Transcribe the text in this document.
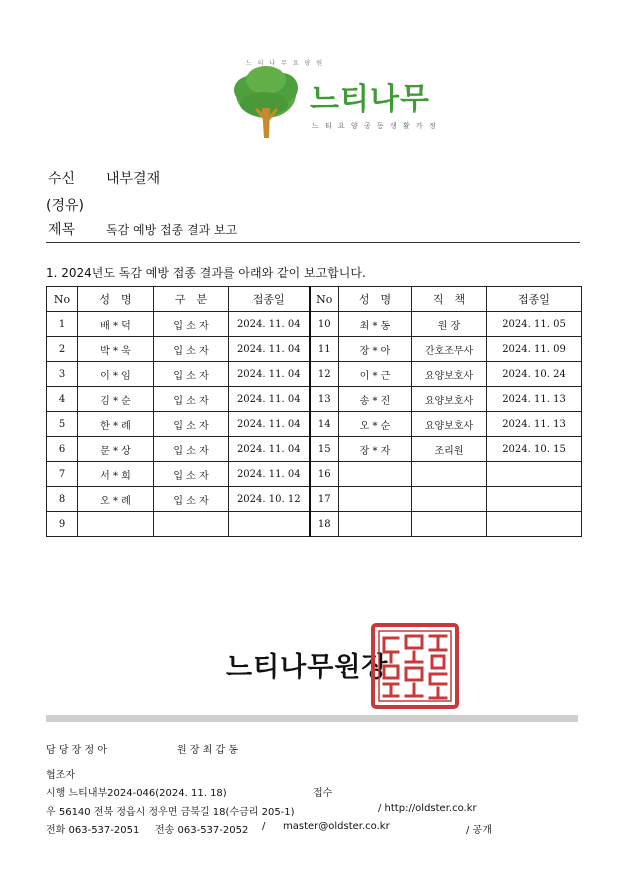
느 티 나 무 요 양 원
느티나무
느 티 요 양 공 동 생 활 가 정
수신 내부결재
(경유)
제목	독감 예방 접종 결과 보고
1. 2024년도 독감 예방 접종 결과를 아래와 같이 보고합니다.
No	성　명	구　분	접종일	No	성　명	직　책	접종일
1	배 * 덕	입 소 자	2024. 11. 04	10	최 * 동	원 장	2024. 11. 05
2	박 * 욱	입 소 자	2024. 11. 04	11	장 * 아	간호조무사	2024. 11. 09
3	이 * 임	입 소 자	2024. 11. 04	12	이 * 근	요양보호사	2024. 10. 24
4	김 * 순	입 소 자	2024. 11. 04	13	송 * 진	요양보호사	2024. 11. 13
5	한 * 례	입 소 자	2024. 11. 04	14	오 * 순	요양보호사	2024. 11. 13
6	문 * 상	입 소 자	2024. 11. 04	15	장 * 자	조리원	2024. 10. 15
7	서 * 희	입 소 자	2024. 11. 04	16			
8	오 * 례	입 소 자	2024. 10. 12	17			
9				18			
느티나무원장
담 당 장 정 아	원 장 최 갑 동
협조자
시행 느티내부2024-046(2024. 11. 18)	접수
우 56140 전북 정읍시 정우면 금북길 18(수금리 205-1)	/ http://oldster.co.kr
전화 063-537-2051 전송 063-537-2052 / master@oldster.co.kr	/ 공개
